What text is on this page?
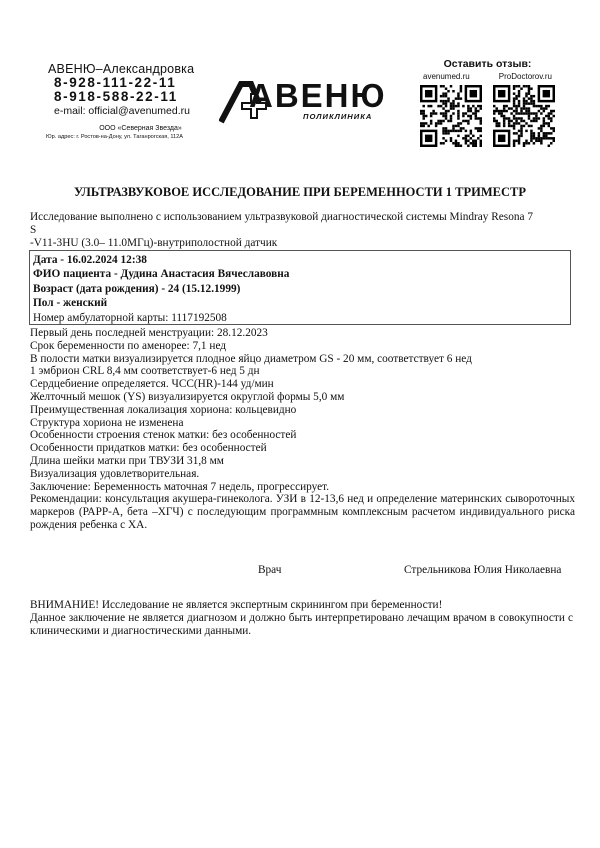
АВЕНЮ–Александровка
8-928-111-22-11
8-918-588-22-11
e-mail: official@avenumed.ru
ООО «Северная Звезда»
Юр. адрес: г. Ростов-на-Дону, ул. Таганрогская, 112А
АВЕНЮ
ПОЛИКЛИНИКА
Оставить отзыв:
avenumed.ru	ProDoctorov.ru
УЛЬТРАЗВУКОВОЕ ИССЛЕДОВАНИЕ ПРИ БЕРЕМЕННОСТИ 1 ТРИМЕСТР
Исследование выполнено с использованием ультразвуковой диагностической системы Mindray Resona 7
S
-V11-3HU (3.0– 11.0МГц)-внутриполостной датчик
Дата - 16.02.2024 12:38
ФИО пациента - Дудина Анастасия Вячеславовна
Возраст (дата рождения) - 24 (15.12.1999)
Пол - женский
Номер амбулаторной карты: 1117192508
Первый день последней менструации: 28.12.2023
Срок беременности по аменорее: 7,1 нед
В полости матки визуализируется плодное яйцо диаметром GS - 20 мм, соответствует 6 нед
1 эмбрион CRL 8,4 мм соответствует-6 нед 5 дн
Сердцебиение определяется. ЧСС(HR)-144 уд/мин
Желточный мешок (YS) визуализируется округлой формы 5,0 мм
Преимущественная локализация хориона: кольцевидно
Структура хориона не изменена
Особенности строения стенок матки: без особенностей
Особенности придатков матки: без особенностей
Длина шейки матки при ТВУЗИ 31,8 мм
Визуализация удовлетворительная.
Заключение: Беременность маточная 7 недель, прогрессирует.
Рекомендации: консультация акушера-гинеколога. УЗИ в 12-13,6 нед и определение материнских сывороточных маркеров (РАРР-А, бета –ХГЧ) с последующим программным комплексным расчетом индивидуального риска рождения ребенка с ХА.
Врач	Стрельникова Юлия Николаевна
ВНИМАНИЕ! Исследование не является экспертным скринингом при беременности!
Данное заключение не является диагнозом и должно быть интерпретировано лечащим врачом в совокупности с клиническими и диагностическими данными.
